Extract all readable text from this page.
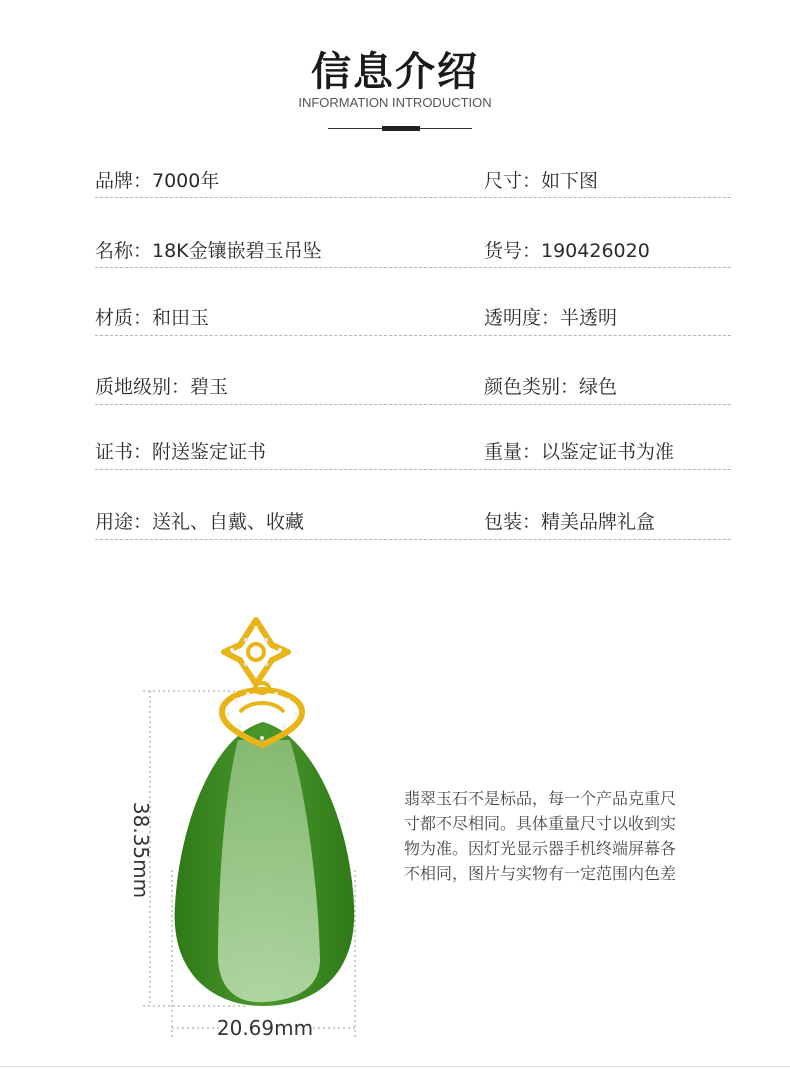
信息介绍
INFORMATION INTRODUCTION
品牌：7000年	尺寸：如下图
名称：18K金镶嵌碧玉吊坠	货号：190426020
材质：和田玉	透明度：半透明
质地级别：碧玉	颜色类别：绿色
证书：附送鉴定证书	重量：以鉴定证书为准
用途：送礼、自戴、收藏	包装：精美品牌礼盒
38.35mm
20.69mm
翡翠玉石不是标品，每一个产品克重尺
寸都不尽相同。具体重量尺寸以收到实
物为准。因灯光显示器手机终端屏幕各
不相同，图片与实物有一定范围内色差
